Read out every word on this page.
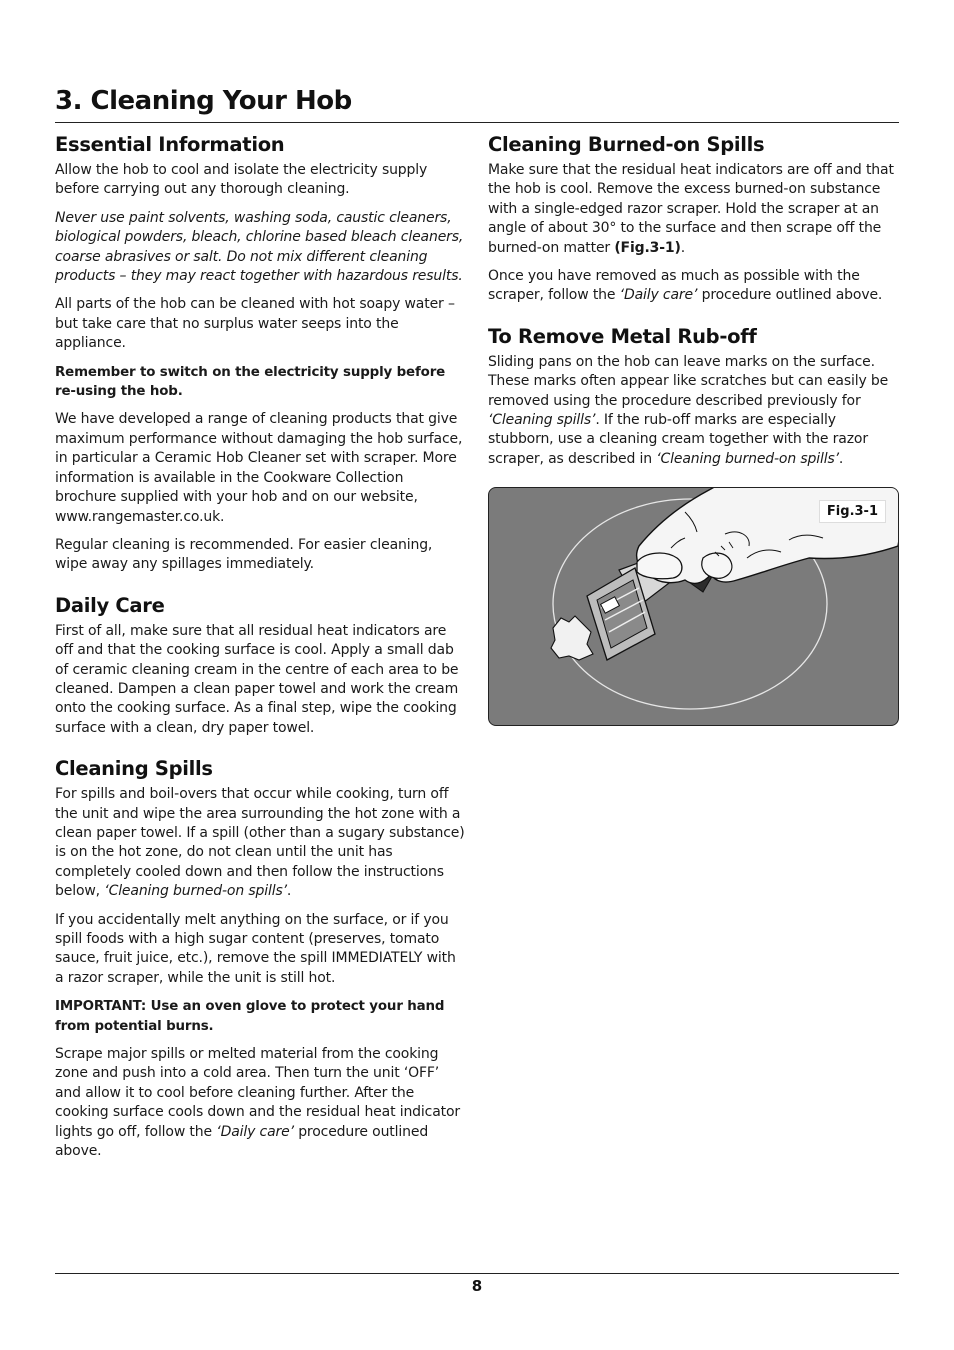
3. Cleaning Your Hob
Essential Information

Allow the hob to cool and isolate the electricity supply before carrying out any thorough cleaning.

Never use paint solvents, washing soda, caustic cleaners, biological powders, bleach, chlorine based bleach cleaners, coarse abrasives or salt. Do not mix different cleaning products – they may react together with hazardous results.

All parts of the hob can be cleaned with hot soapy water – but take care that no surplus water seeps into the appliance.

Remember to switch on the electricity supply before re-using the hob.

We have developed a range of cleaning products that give maximum performance without damaging the hob surface, in particular a Ceramic Hob Cleaner set with scraper. More information is available in the Cookware Collection brochure supplied with your hob and on our website, www.rangemaster.co.uk.

Regular cleaning is recommended. For easier cleaning, wipe away any spillages immediately.

Daily Care

First of all, make sure that all residual heat indicators are off and that the cooking surface is cool. Apply a small dab of ceramic cleaning cream in the centre of each area to be cleaned. Dampen a clean paper towel and work the cream onto the cooking surface. As a final step, wipe the cooking surface with a clean, dry paper towel.

Cleaning Spills

For spills and boil-overs that occur while cooking, turn off the unit and wipe the area surrounding the hot zone with a clean paper towel. If a spill (other than a sugary substance) is on the hot zone, do not clean until the unit has completely cooled down and then follow the instructions below, ‘Cleaning burned-on spills’.

If you accidentally melt anything on the surface, or if you spill foods with a high sugar content (preserves, tomato sauce, fruit juice, etc.), remove the spill IMMEDIATELY with a razor scraper, while the unit is still hot.

IMPORTANT: Use an oven glove to protect your hand from potential burns.

Scrape major spills or melted material from the cooking zone and push into a cold area. Then turn the unit ‘OFF’ and allow it to cool before cleaning further. After the cooking surface cools down and the residual heat indicator lights go off, follow the ‘Daily care’ procedure outlined above.

Cleaning Burned-on Spills

Make sure that the residual heat indicators are off and that the hob is cool. Remove the excess burned-on substance with a single-edged razor scraper. Hold the scraper at an angle of about 30° to the surface and then scrape off the burned-on matter (Fig.3-1).

Once you have removed as much as possible with the scraper, follow the ‘Daily care’ procedure outlined above.

To Remove Metal Rub-off

Sliding pans on the hob can leave marks on the surface. These marks often appear like scratches but can easily be removed using the procedure described previously for ‘Cleaning spills’. If the rub-off marks are especially stubborn, use a cleaning cream together with the razor scraper, as described in ‘Cleaning burned-on spills’.

Fig.3-1
8
